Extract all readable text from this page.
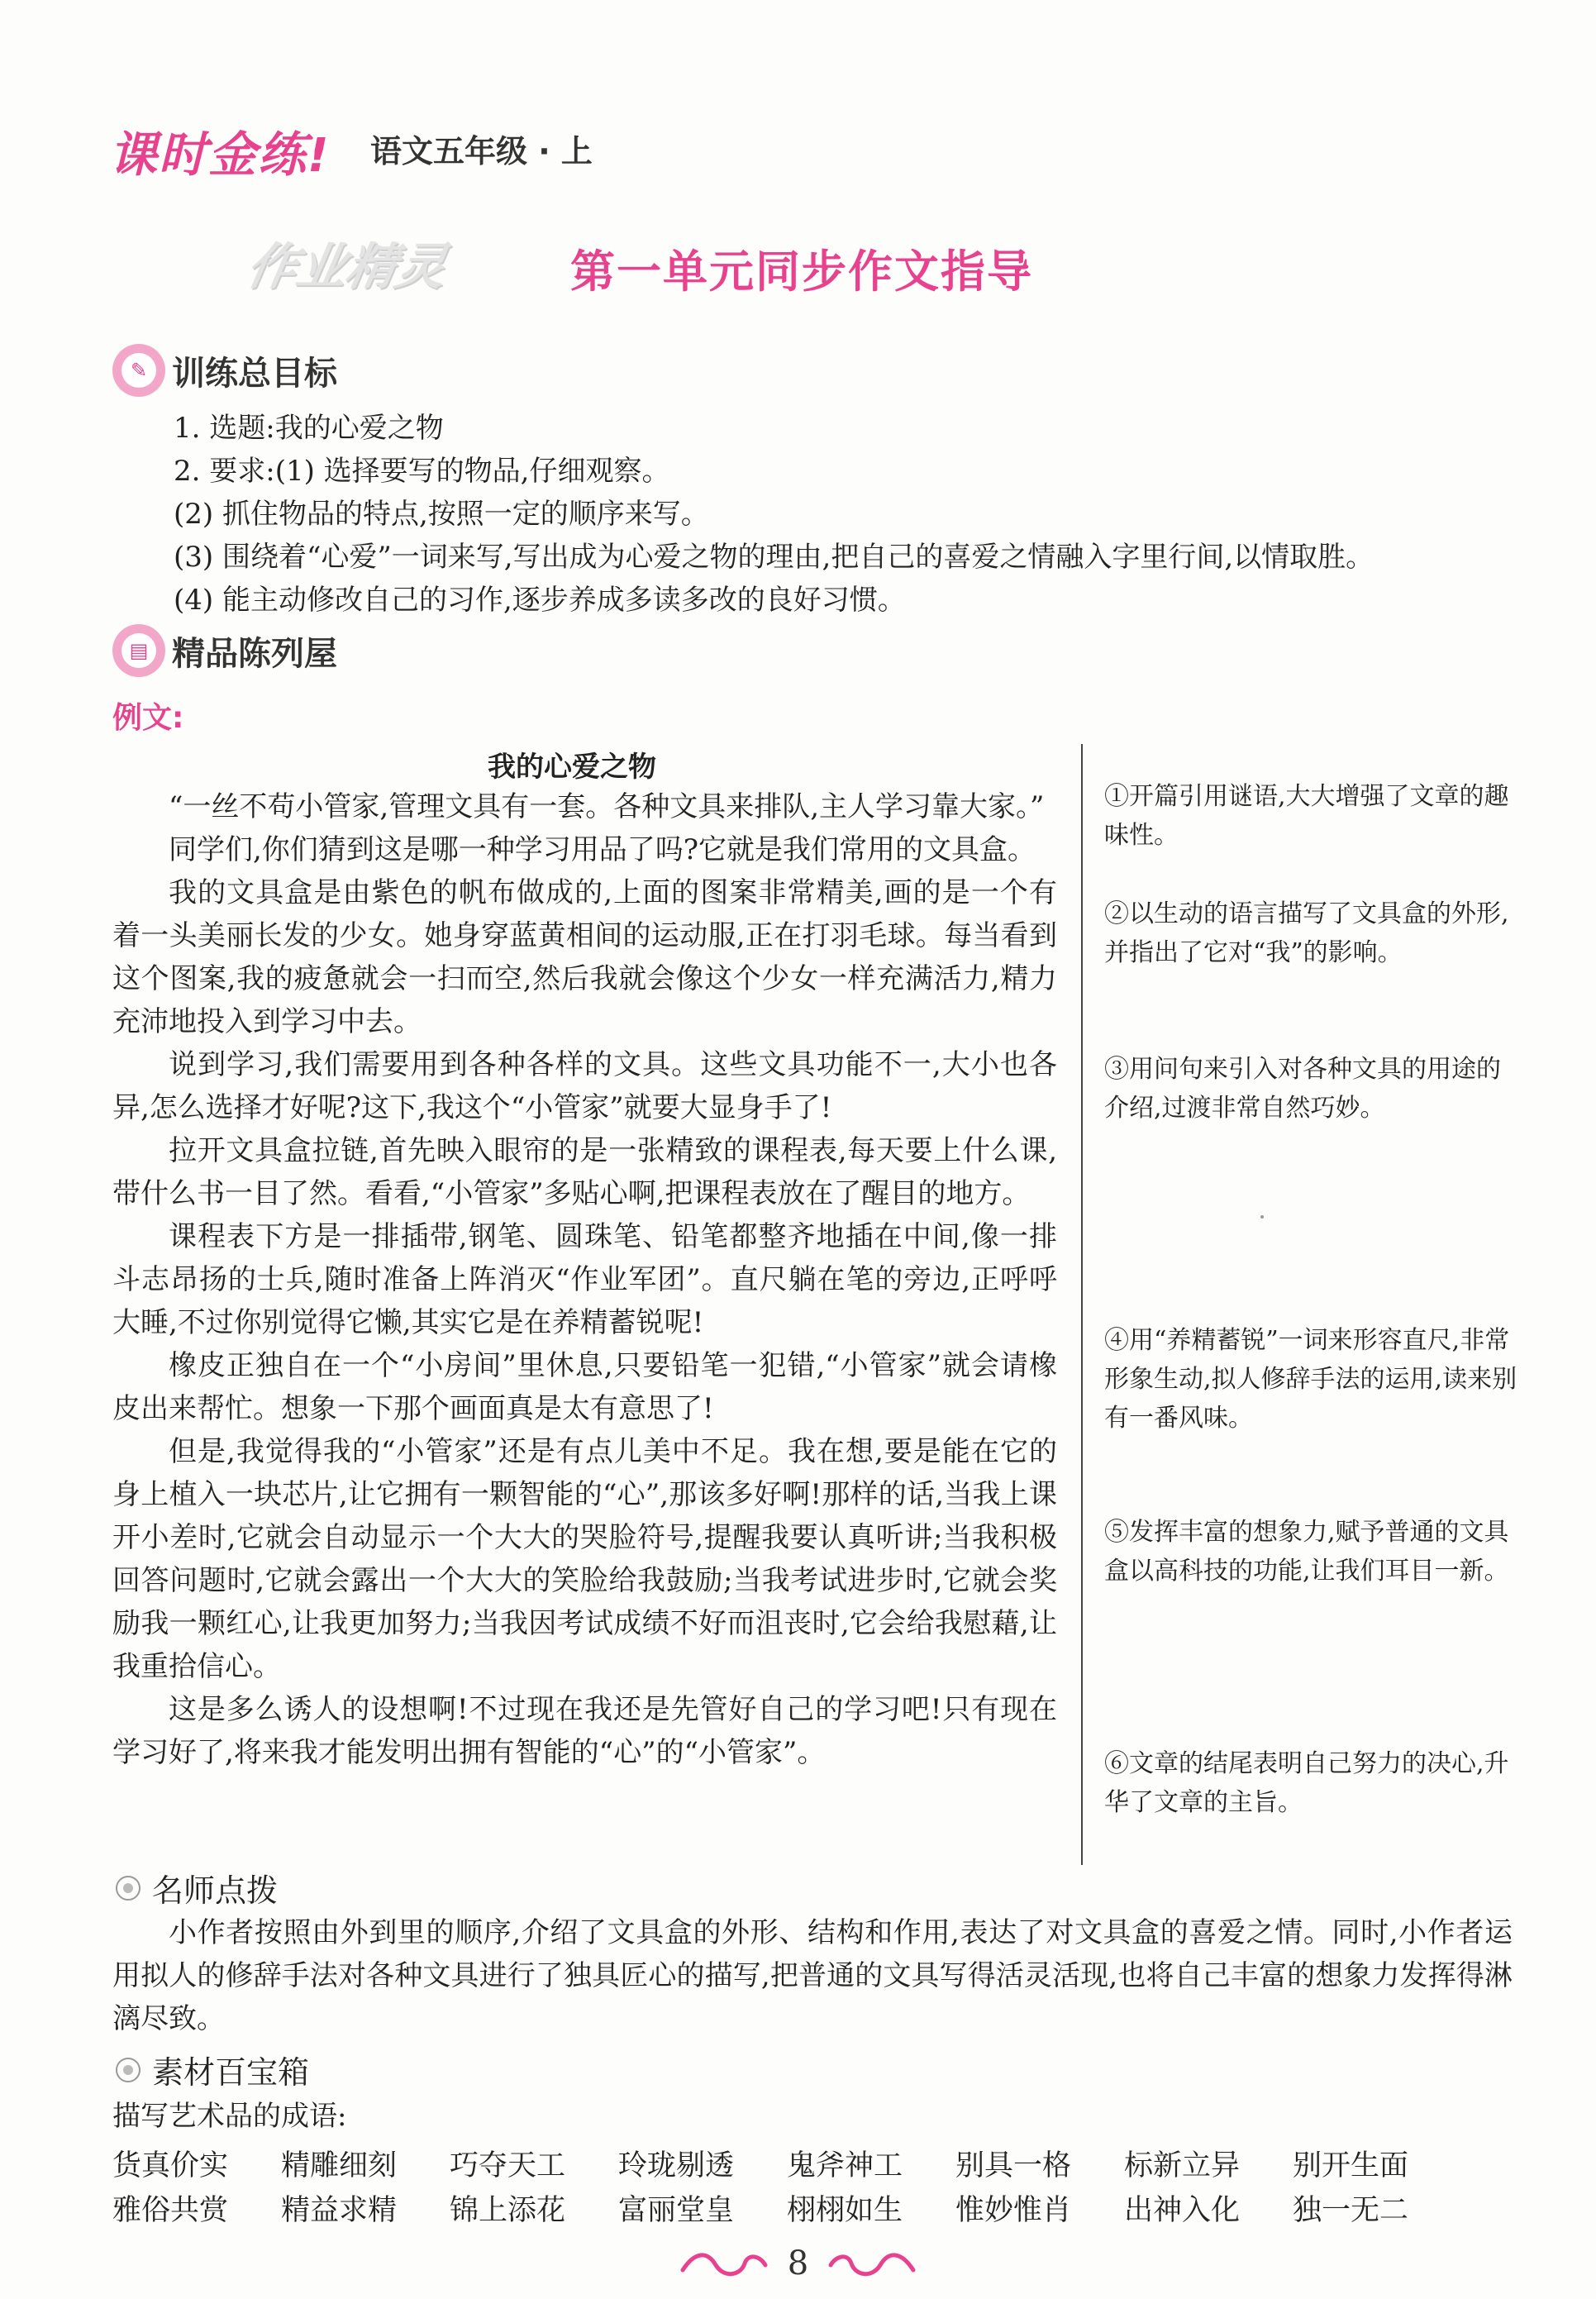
课时金练! 语文五年级 · 上
作业精灵	第一单元同步作文指导
✎ 训练总目标
1. 选题:我的心爱之物
2. 要求:(1) 选择要写的物品,仔细观察。
(2) 抓住物品的特点,按照一定的顺序来写。
(3) 围绕着“心爱”一词来写,写出成为心爱之物的理由,把自己的喜爱之情融入字里行间,以情取胜。
(4) 能主动修改自己的习作,逐步养成多读多改的良好习惯。
▤ 精品陈列屋
例文:
我的心爱之物

“一丝不苟小管家,管理文具有一套。各种文具来排队,主人学习靠大家。”

同学们,你们猜到这是哪一种学习用品了吗?它就是我们常用的文具盒。

我的文具盒是由紫色的帆布做成的,上面的图案非常精美,画的是一个有着一头美丽长发的少女。她身穿蓝黄相间的运动服,正在打羽毛球。每当看到这个图案,我的疲惫就会一扫而空,然后我就会像这个少女一样充满活力,精力充沛地投入到学习中去。

说到学习,我们需要用到各种各样的文具。这些文具功能不一,大小也各异,怎么选择才好呢?这下,我这个“小管家”就要大显身手了!

拉开文具盒拉链,首先映入眼帘的是一张精致的课程表,每天要上什么课,带什么书一目了然。看看,“小管家”多贴心啊,把课程表放在了醒目的地方。

课程表下方是一排插带,钢笔、圆珠笔、铅笔都整齐地插在中间,像一排斗志昂扬的士兵,随时准备上阵消灭“作业军团”。直尺躺在笔的旁边,正呼呼大睡,不过你别觉得它懒,其实它是在养精蓄锐呢!

橡皮正独自在一个“小房间”里休息,只要铅笔一犯错,“小管家”就会请橡皮出来帮忙。想象一下那个画面真是太有意思了!

但是,我觉得我的“小管家”还是有点儿美中不足。我在想,要是能在它的身上植入一块芯片,让它拥有一颗智能的“心”,那该多好啊!那样的话,当我上课开小差时,它就会自动显示一个大大的哭脸符号,提醒我要认真听讲;当我积极回答问题时,它就会露出一个大大的笑脸给我鼓励;当我考试进步时,它就会奖励我一颗红心,让我更加努力;当我因考试成绩不好而沮丧时,它会给我慰藉,让我重拾信心。

这是多么诱人的设想啊!不过现在我还是先管好自己的学习吧!只有现在学习好了,将来我才能发明出拥有智能的“心”的“小管家”。

①开篇引用谜语,大大增强了文章的趣味性。
②以生动的语言描写了文具盒的外形,并指出了它对“我”的影响。
③用问句来引入对各种文具的用途的介绍,过渡非常自然巧妙。
④用“养精蓄锐”一词来形容直尺,非常形象生动,拟人修辞手法的运用,读来别有一番风味。
⑤发挥丰富的想象力,赋予普通的文具盒以高科技的功能,让我们耳目一新。
⑥文章的结尾表明自己努力的决心,升华了文章的主旨。
名师点拨

小作者按照由外到里的顺序,介绍了文具盒的外形、结构和作用,表达了对文具盒的喜爱之情。同时,小作者运用拟人的修辞手法对各种文具进行了独具匠心的描写,把普通的文具写得活灵活现,也将自己丰富的想象力发挥得淋漓尽致。

素材百宝箱
描写艺术品的成语:
货真价实	精雕细刻	巧夺天工	玲珑剔透	鬼斧神工	别具一格	标新立异	别开生面
雅俗共赏	精益求精	锦上添花	富丽堂皇	栩栩如生	惟妙惟肖	出神入化	独一无二
8
